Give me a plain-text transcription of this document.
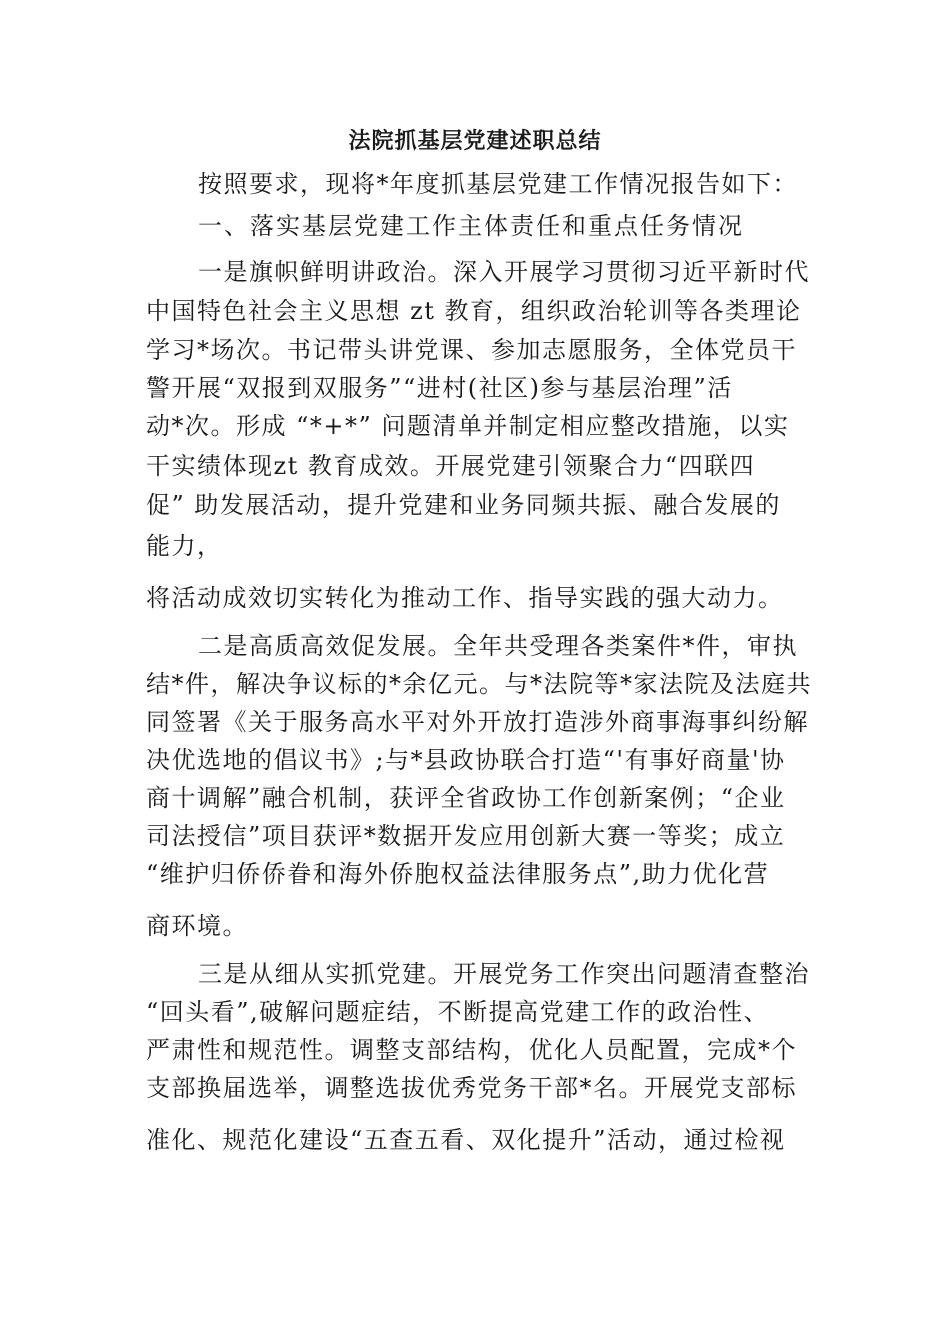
法院抓基层党建述职总结
按照要求，现将*年度抓基层党建工作情况报告如下：
一、落实基层党建工作主体责任和重点任务情况
一是旗帜鲜明讲政治。深入开展学习贯彻习近平新时代
中国特色社会主义思想 zt 教育，组织政治轮训等各类理论
学习*场次。书记带头讲党课、参加志愿服务，全体党员干
警开展“双报到双服务”“进村(社区)参与基层治理”活
动*次。形成 “*+*” 问题清单并制定相应整改措施，以实
干实绩体现zt 教育成效。开展党建引领聚合力“四联四
促” 助发展活动，提升党建和业务同频共振、融合发展的
能力，
将活动成效切实转化为推动工作、指导实践的强大动力。
二是高质高效促发展。全年共受理各类案件*件，审执
结*件，解决争议标的*余亿元。与*法院等*家法院及法庭共
同签署《关于服务高水平对外开放打造涉外商事海事纠纷解
决优选地的倡议书》;与*县政协联合打造“'有事好商量'协
商十调解”融合机制，获评全省政协工作创新案例；“企业
司法授信”项目获评*数据开发应用创新大赛一等奖；成立
“维护归侨侨眷和海外侨胞权益法律服务点”,助力优化营
商环境。
三是从细从实抓党建。开展党务工作突出问题清查整治
“回头看”,破解问题症结，不断提高党建工作的政治性、
严肃性和规范性。调整支部结构，优化人员配置，完成*个
支部换届选举，调整选拔优秀党务干部*名。开展党支部标
准化、规范化建设“五查五看、双化提升”活动，通过检视
